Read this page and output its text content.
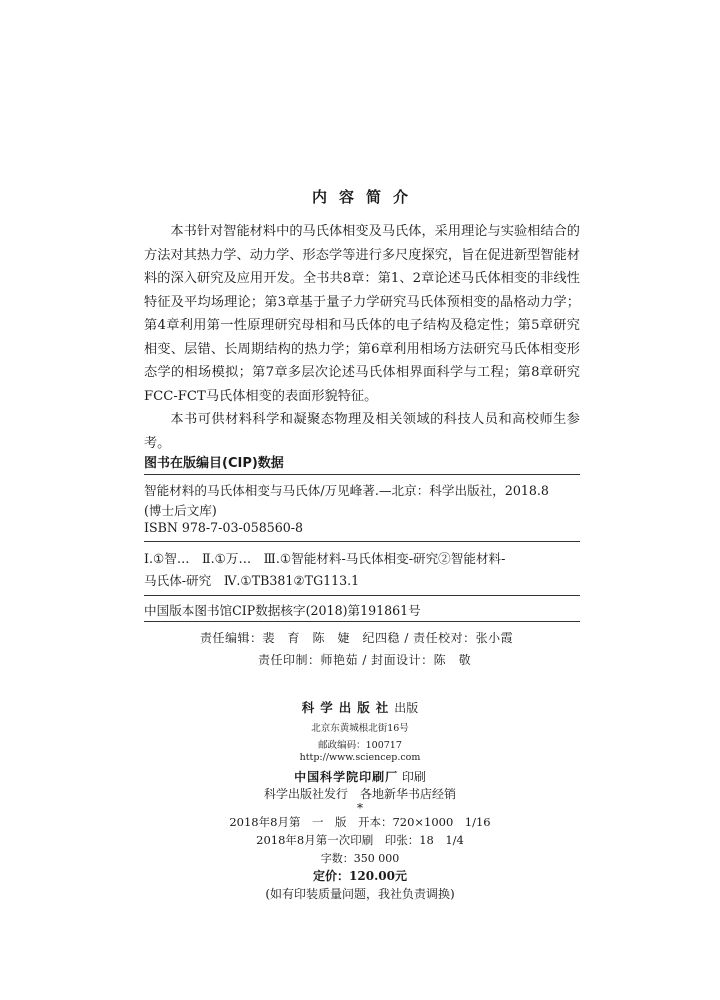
内容简介

本书针对智能材料中的马氏体相变及马氏体，采用理论与实验相结合的方法对其热力学、动力学、形态学等进行多尺度探究，旨在促进新型智能材料的深入研究及应用开发。全书共8章：第1、2章论述马氏体相变的非线性特征及平均场理论；第3章基于量子力学研究马氏体预相变的晶格动力学；第4章利用第一性原理研究母相和马氏体的电子结构及稳定性；第5章研究相变、层错、长周期结构的热力学；第6章利用相场方法研究马氏体相变形态学的相场模拟；第7章多层次论述马氏体相界面科学与工程；第8章研究FCC-FCT马氏体相变的表面形貌特征。

本书可供材料科学和凝聚态物理及相关领域的科技人员和高校师生参考。

图书在版编目(CIP)数据
智能材料的马氏体相变与马氏体/万见峰著.—北京：科学出版社，2018.8
(博士后文库)
ISBN 978-7-03-058560-8
Ⅰ.①智…　Ⅱ.①万…　Ⅲ.①智能材料-马氏体相变-研究②智能材料-
马氏体-研究　Ⅳ.①TB381②TG113.1
中国版本图书馆CIP数据核字(2018)第191861号
责任编辑：裴　育　陈　婕　纪四稳 / 责任校对：张小霞
责任印制：师艳茹 / 封面设计：陈　敬
科学出版社出版
北京东黄城根北街16号
邮政编码：100717
http://www.sciencep.com
中国科学院印刷厂 印刷
科学出版社发行　各地新华书店经销
*
2018年8月第　一　版　开本：720×1000　1/16
2018年8月第一次印刷　印张：18　1/4
字数：350 000
定价：120.00元
(如有印装质量问题，我社负责调换)
